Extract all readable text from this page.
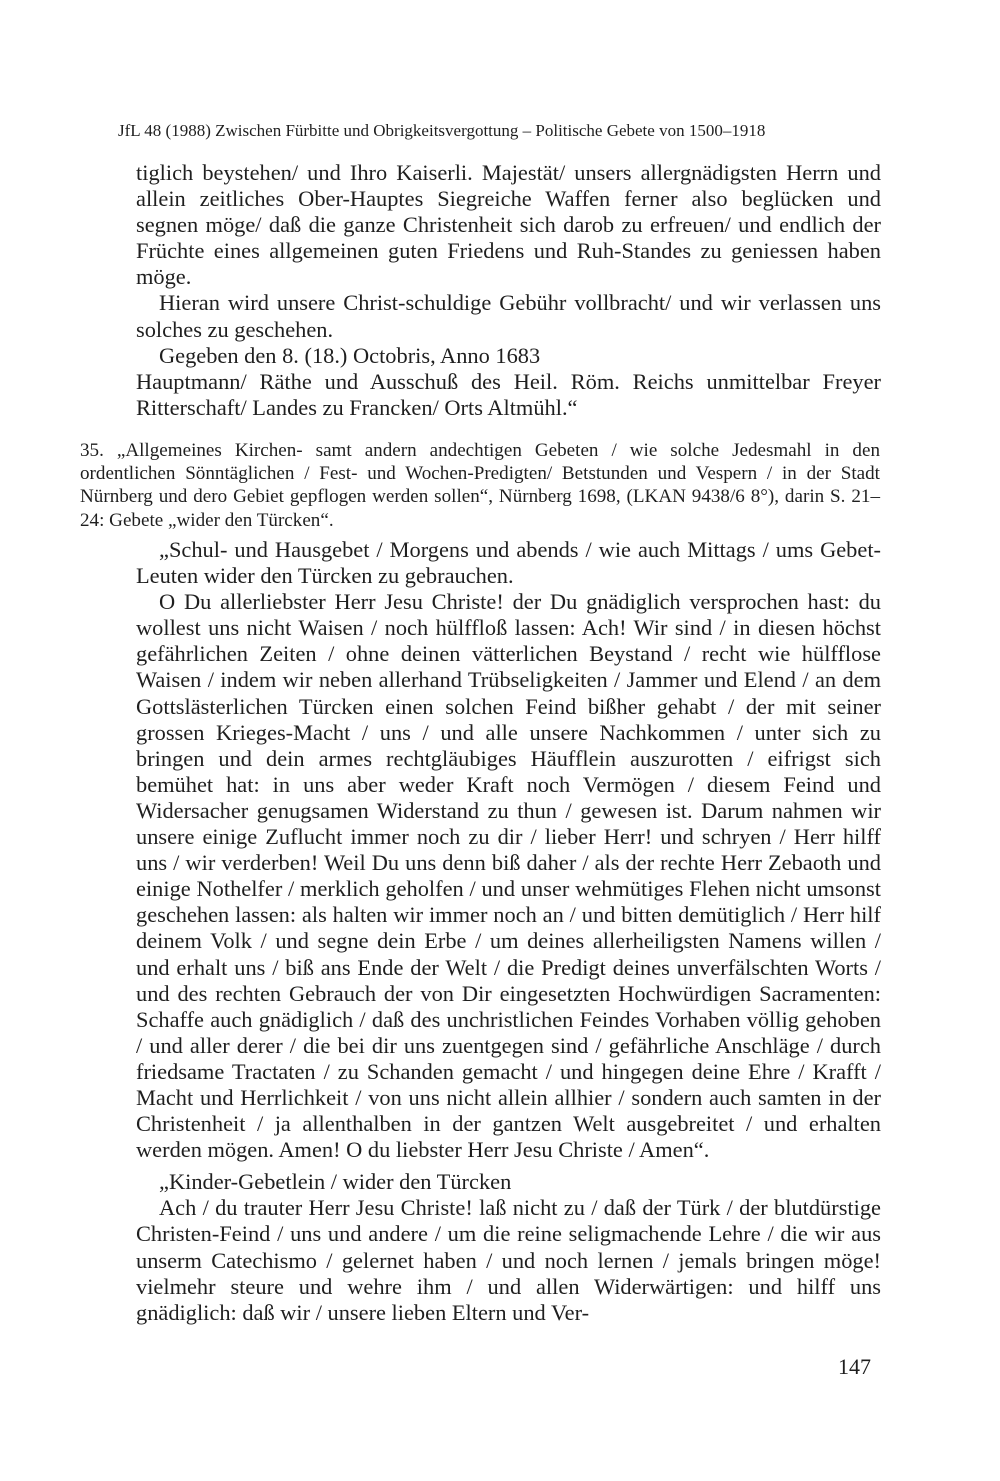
JfL 48 (1988) Zwischen Fürbitte und Obrigkeitsvergottung – Politische Gebete von 1500–1918

tiglich beystehen/ und Ihro Kaiserli. Majestät/ unsers allergnädigsten Herrn und allein zeitliches Ober-Hauptes Siegreiche Waffen ferner also beglücken und segnen möge/ daß die ganze Christenheit sich darob zu erfreuen/ und endlich der Früchte eines allgemeinen guten Friedens und Ruh-Standes zu geniessen haben möge.

Hieran wird unsere Christ-schuldige Gebühr vollbracht/ und wir verlassen uns solches zu geschehen.

Gegeben den 8. (18.) Octobris, Anno 1683

Hauptmann/ Räthe und Ausschuß des Heil. Röm. Reichs unmittelbar Freyer Ritterschaft/ Landes zu Francken/ Orts Altmühl.“

35. „Allgemeines Kirchen- samt andern andechtigen Gebeten / wie solche Jedesmahl in den ordentlichen Sönntäglichen / Fest- und Wochen-Predigten/ Betstunden und Vespern / in der Stadt Nürnberg und dero Gebiet gepflogen werden sollen“, Nürnberg 1698, (LKAN 9438/6 8°), darin S. 21–24: Gebete „wider den Türcken“.

„Schul- und Hausgebet / Morgens und abends / wie auch Mittags / ums Gebet-Leuten wider den Türcken zu gebrauchen.

O Du allerliebster Herr Jesu Christe! der Du gnädiglich versprochen hast: du wollest uns nicht Waisen / noch hülffloß lassen: Ach! Wir sind / in diesen höchst gefährlichen Zeiten / ohne deinen vätterlichen Beystand / recht wie hülfflose Waisen / indem wir neben allerhand Trübseligkeiten / Jammer und Elend / an dem Gottslästerlichen Türcken einen solchen Feind bißher gehabt / der mit seiner grossen Krieges-Macht / uns / und alle unsere Nachkommen / unter sich zu bringen und dein armes rechtgläubiges Häufflein auszurotten / eifrigst sich bemühet hat: in uns aber weder Kraft noch Vermögen / diesem Feind und Widersacher genugsamen Widerstand zu thun / gewesen ist. Darum nahmen wir unsere einige Zuflucht immer noch zu dir / lieber Herr! und schryen / Herr hilff uns / wir verderben! Weil Du uns denn biß daher / als der rechte Herr Zebaoth und einige Nothelfer / merklich geholfen / und unser wehmütiges Flehen nicht umsonst geschehen lassen: als halten wir immer noch an / und bitten demütiglich / Herr hilf deinem Volk / und segne dein Erbe / um deines allerheiligsten Namens willen / und erhalt uns / biß ans Ende der Welt / die Predigt deines unverfälschten Worts / und des rechten Gebrauch der von Dir eingesetzten Hochwürdigen Sacramenten: Schaffe auch gnädiglich / daß des unchristlichen Feindes Vorhaben völlig gehoben / und aller derer / die bei dir uns zuentgegen sind / gefährliche Anschläge / durch friedsame Tractaten / zu Schanden gemacht / und hingegen deine Ehre / Krafft / Macht und Herrlichkeit / von uns nicht allein allhier / sondern auch samten in der Christenheit / ja allenthalben in der gantzen Welt ausgebreitet / und erhalten werden mögen. Amen! O du liebster Herr Jesu Christe / Amen“.

„Kinder-Gebetlein / wider den Türcken

Ach / du trauter Herr Jesu Christe! laß nicht zu / daß der Türk / der blutdürstige Christen-Feind / uns und andere / um die reine seligmachende Lehre / die wir aus unserm Catechismo / gelernet haben / und noch lernen / jemals bringen möge! vielmehr steure und wehre ihm / und allen Widerwärtigen: und hilff uns gnädiglich: daß wir / unsere lieben Eltern und Ver-

147
